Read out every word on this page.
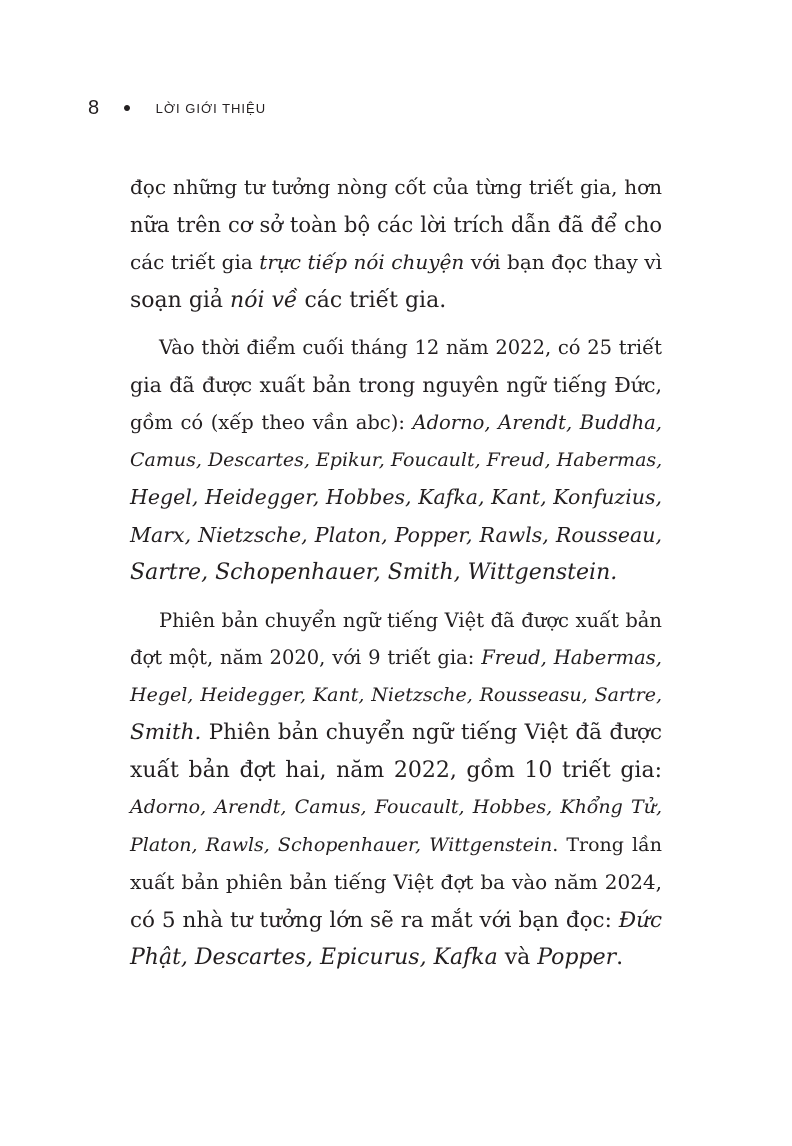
8	LỜI GIỚI THIỆU
đọc những tư tưởng nòng cốt của từng triết gia, hơn
nữa trên cơ sở toàn bộ các lời trích dẫn đã để cho
các triết gia trực tiếp nói chuyện với bạn đọc thay vì
soạn giả nói về các triết gia.
Vào thời điểm cuối tháng 12 năm 2022, có 25 triết
gia đã được xuất bản trong nguyên ngữ tiếng Đức,
gồm có (xếp theo vần abc): Adorno, Arendt, Buddha,
Camus, Descartes, Epikur, Foucault, Freud, Habermas,
Hegel, Heidegger, Hobbes, Kafka, Kant, Konfuzius,
Marx, Nietzsche, Platon, Popper, Rawls, Rousseau,
Sartre, Schopenhauer, Smith, Wittgenstein.
Phiên bản chuyển ngữ tiếng Việt đã được xuất bản
đợt một, năm 2020, với 9 triết gia: Freud, Habermas,
Hegel, Heidegger, Kant, Nietzsche, Rousseasu, Sartre,
Smith. Phiên bản chuyển ngữ tiếng Việt đã được
xuất bản đợt hai, năm 2022, gồm 10 triết gia:
Adorno, Arendt, Camus, Foucault, Hobbes, Khổng Tử,
Platon, Rawls, Schopenhauer, Wittgenstein. Trong lần
xuất bản phiên bản tiếng Việt đợt ba vào năm 2024,
có 5 nhà tư tưởng lớn sẽ ra mắt với bạn đọc: Đức
Phật, Descartes, Epicurus, Kafka và Popper.
